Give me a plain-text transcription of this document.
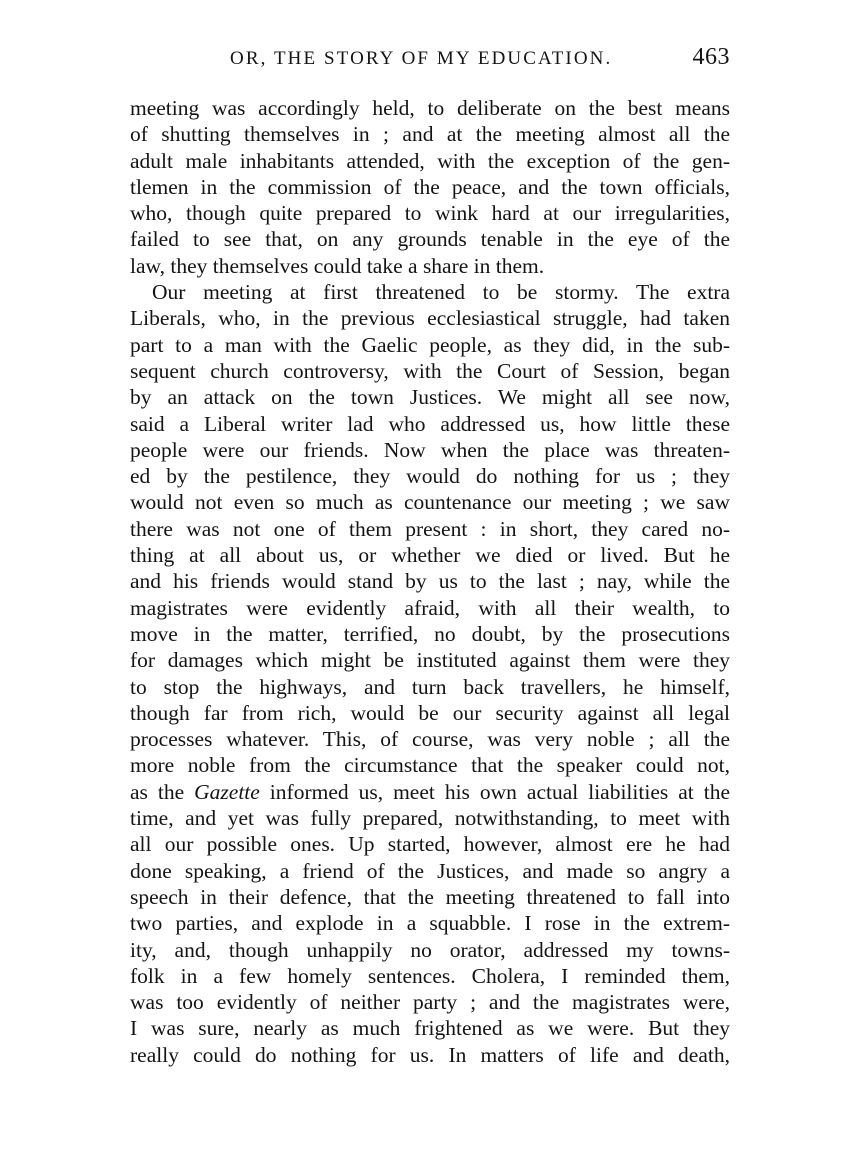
OR, THE STORY OF MY EDUCATION.	463
meeting was accordingly held, to deliberate on the best means
of shutting themselves in ; and at the meeting almost all the
adult male inhabitants attended, with the exception of the gen-
tlemen in the commission of the peace, and the town officials,
who, though quite prepared to wink hard at our irregularities,
failed to see that, on any grounds tenable in the eye of the
law, they themselves could take a share in them.
Our meeting at first threatened to be stormy. The extra
Liberals, who, in the previous ecclesiastical struggle, had taken
part to a man with the Gaelic people, as they did, in the sub-
sequent church controversy, with the Court of Session, began
by an attack on the town Justices. We might all see now,
said a Liberal writer lad who addressed us, how little these
people were our friends. Now when the place was threaten-
ed by the pestilence, they would do nothing for us ; they
would not even so much as countenance our meeting ; we saw
there was not one of them present : in short, they cared no-
thing at all about us, or whether we died or lived. But he
and his friends would stand by us to the last ; nay, while the
magistrates were evidently afraid, with all their wealth, to
move in the matter, terrified, no doubt, by the prosecutions
for damages which might be instituted against them were they
to stop the highways, and turn back travellers, he himself,
though far from rich, would be our security against all legal
processes whatever. This, of course, was very noble ; all the
more noble from the circumstance that the speaker could not,
as the Gazette informed us, meet his own actual liabilities at the
time, and yet was fully prepared, notwithstanding, to meet with
all our possible ones. Up started, however, almost ere he had
done speaking, a friend of the Justices, and made so angry a
speech in their defence, that the meeting threatened to fall into
two parties, and explode in a squabble. I rose in the extrem-
ity, and, though unhappily no orator, addressed my towns-
folk in a few homely sentences. Cholera, I reminded them,
was too evidently of neither party ; and the magistrates were,
I was sure, nearly as much frightened as we were. But they
really could do nothing for us. In matters of life and death,
